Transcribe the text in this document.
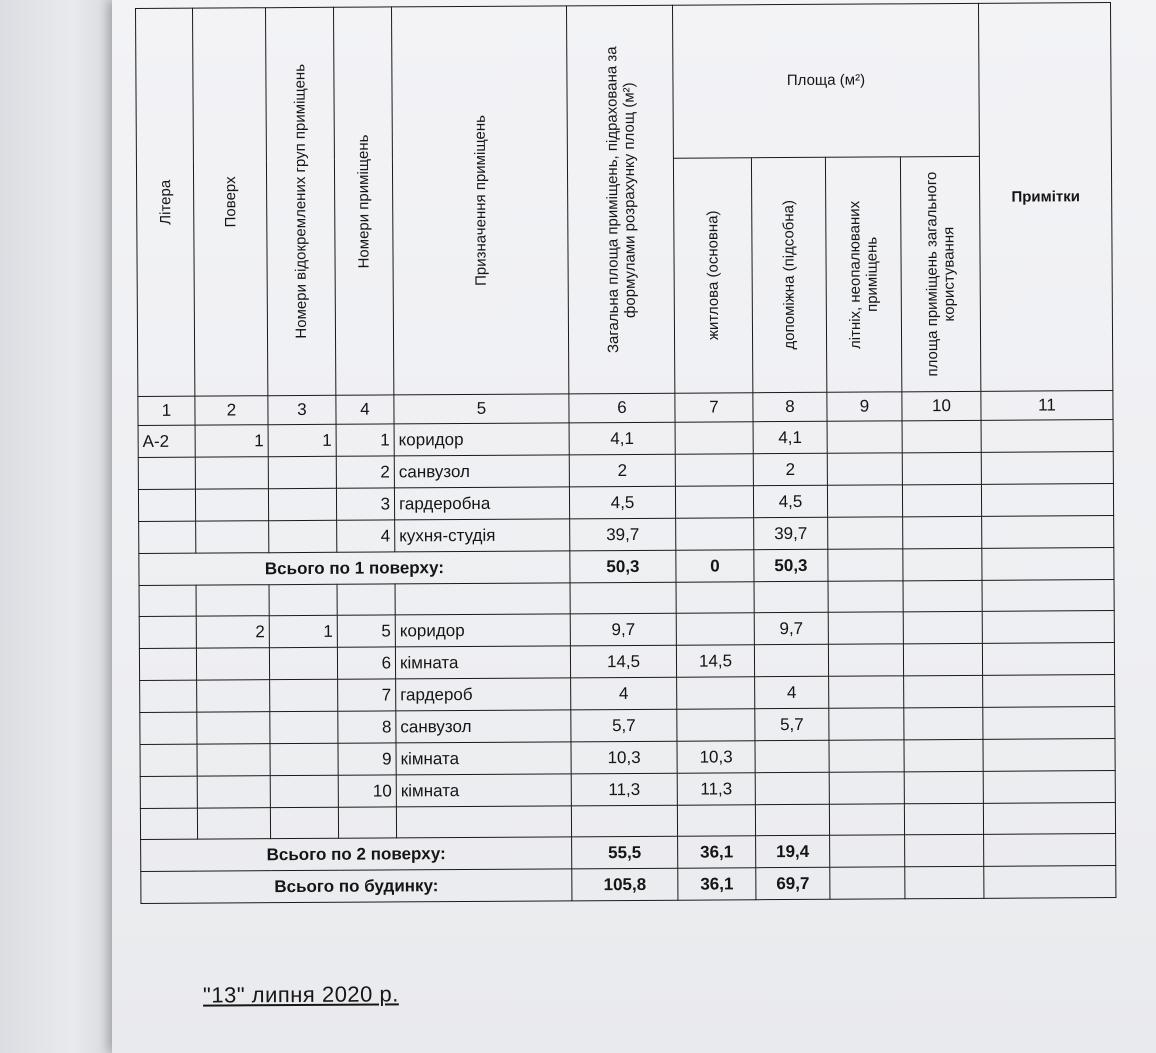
Літера	Поверх	Номери відокремлених груп приміщень	Номери приміщень	Призначення приміщень	Загальна площа приміщень, підрахована за формулами розрахунку площ (м²)	Площа (м²)				Примітки

						житлова (основна)	допоміжна (підсобна)	літніх, неопалюваних приміщень	площа приміщень загального користування	

1	2	3	4	5	6	7	8	9	10	11
А-2	1	1	1	коридор	4,1		4,1			
			2	санвузол	2		2			
			3	гардеробна	4,5		4,5			
			4	кухня-студія	39,7		39,7			
Всього по 1 поверху:					50,3	0	50,3			

	2	1	5	коридор	9,7		9,7			
			6	кімната	14,5	14,5				
			7	гардероб	4		4			
			8	санвузол	5,7		5,7			
			9	кімната	10,3	10,3				
			10	кімната	11,3	11,3				

Всього по 2 поверху:					55,5	36,1	19,4			
Всього по будинку:					105,8	36,1	69,7			
"13" липня 2020 р.
